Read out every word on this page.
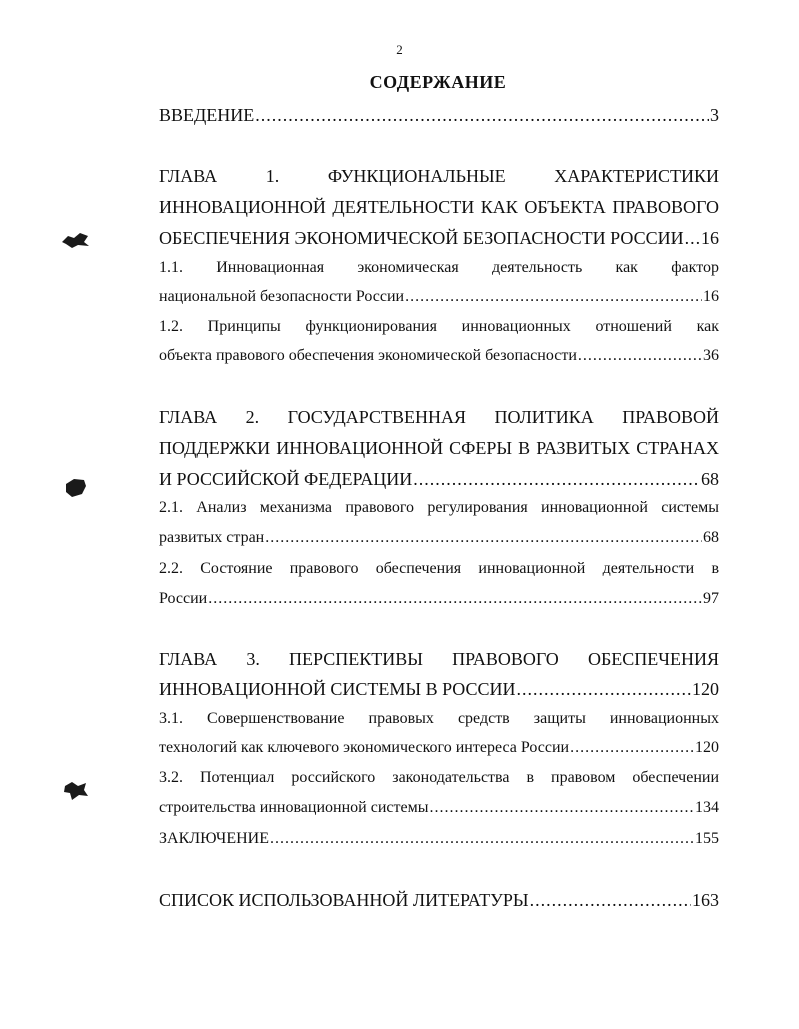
2
СОДЕРЖАНИЕ
ВВЕДЕНИЕ .....	3
ГЛАВА 1. ФУНКЦИОНАЛЬНЫЕ ХАРАКТЕРИСТИКИ
ИННОВАЦИОННОЙ ДЕЯТЕЛЬНОСТИ КАК ОБЪЕКТА ПРАВОВОГО
ОБЕСПЕЧЕНИЯ ЭКОНОМИЧЕСКОЙ БЕЗОПАСНОСТИ РОССИИ ..... 16
1.1. Инновационная экономическая деятельность как фактор
национальной безопасности России .....	16
1.2. Принципы функционирования инновационных отношений как
объекта правового обеспечения экономической безопасности .....	36
ГЛАВА 2. ГОСУДАРСТВЕННАЯ ПОЛИТИКА ПРАВОВОЙ
ПОДДЕРЖКИ ИННОВАЦИОННОЙ СФЕРЫ В РАЗВИТЫХ СТРАНАХ
И РОССИЙСКОЙ ФЕДЕРАЦИИ .....	68
2.1. Анализ механизма правового регулирования инновационной системы
развитых стран .....	68
2.2. Состояние правового обеспечения инновационной деятельности в
России .....	97
ГЛАВА 3. ПЕРСПЕКТИВЫ ПРАВОВОГО ОБЕСПЕЧЕНИЯ
ИННОВАЦИОННОЙ СИСТЕМЫ В РОССИИ .....	120
3.1. Совершенствование правовых средств защиты инновационных
технологий как ключевого экономического интереса России .....	120
3.2. Потенциал российского законодательства в правовом обеспечении
строительства инновационной системы .....	134
ЗАКЛЮЧЕНИЕ .....	155
СПИСОК ИСПОЛЬЗОВАННОЙ ЛИТЕРАТУРЫ .....	163
